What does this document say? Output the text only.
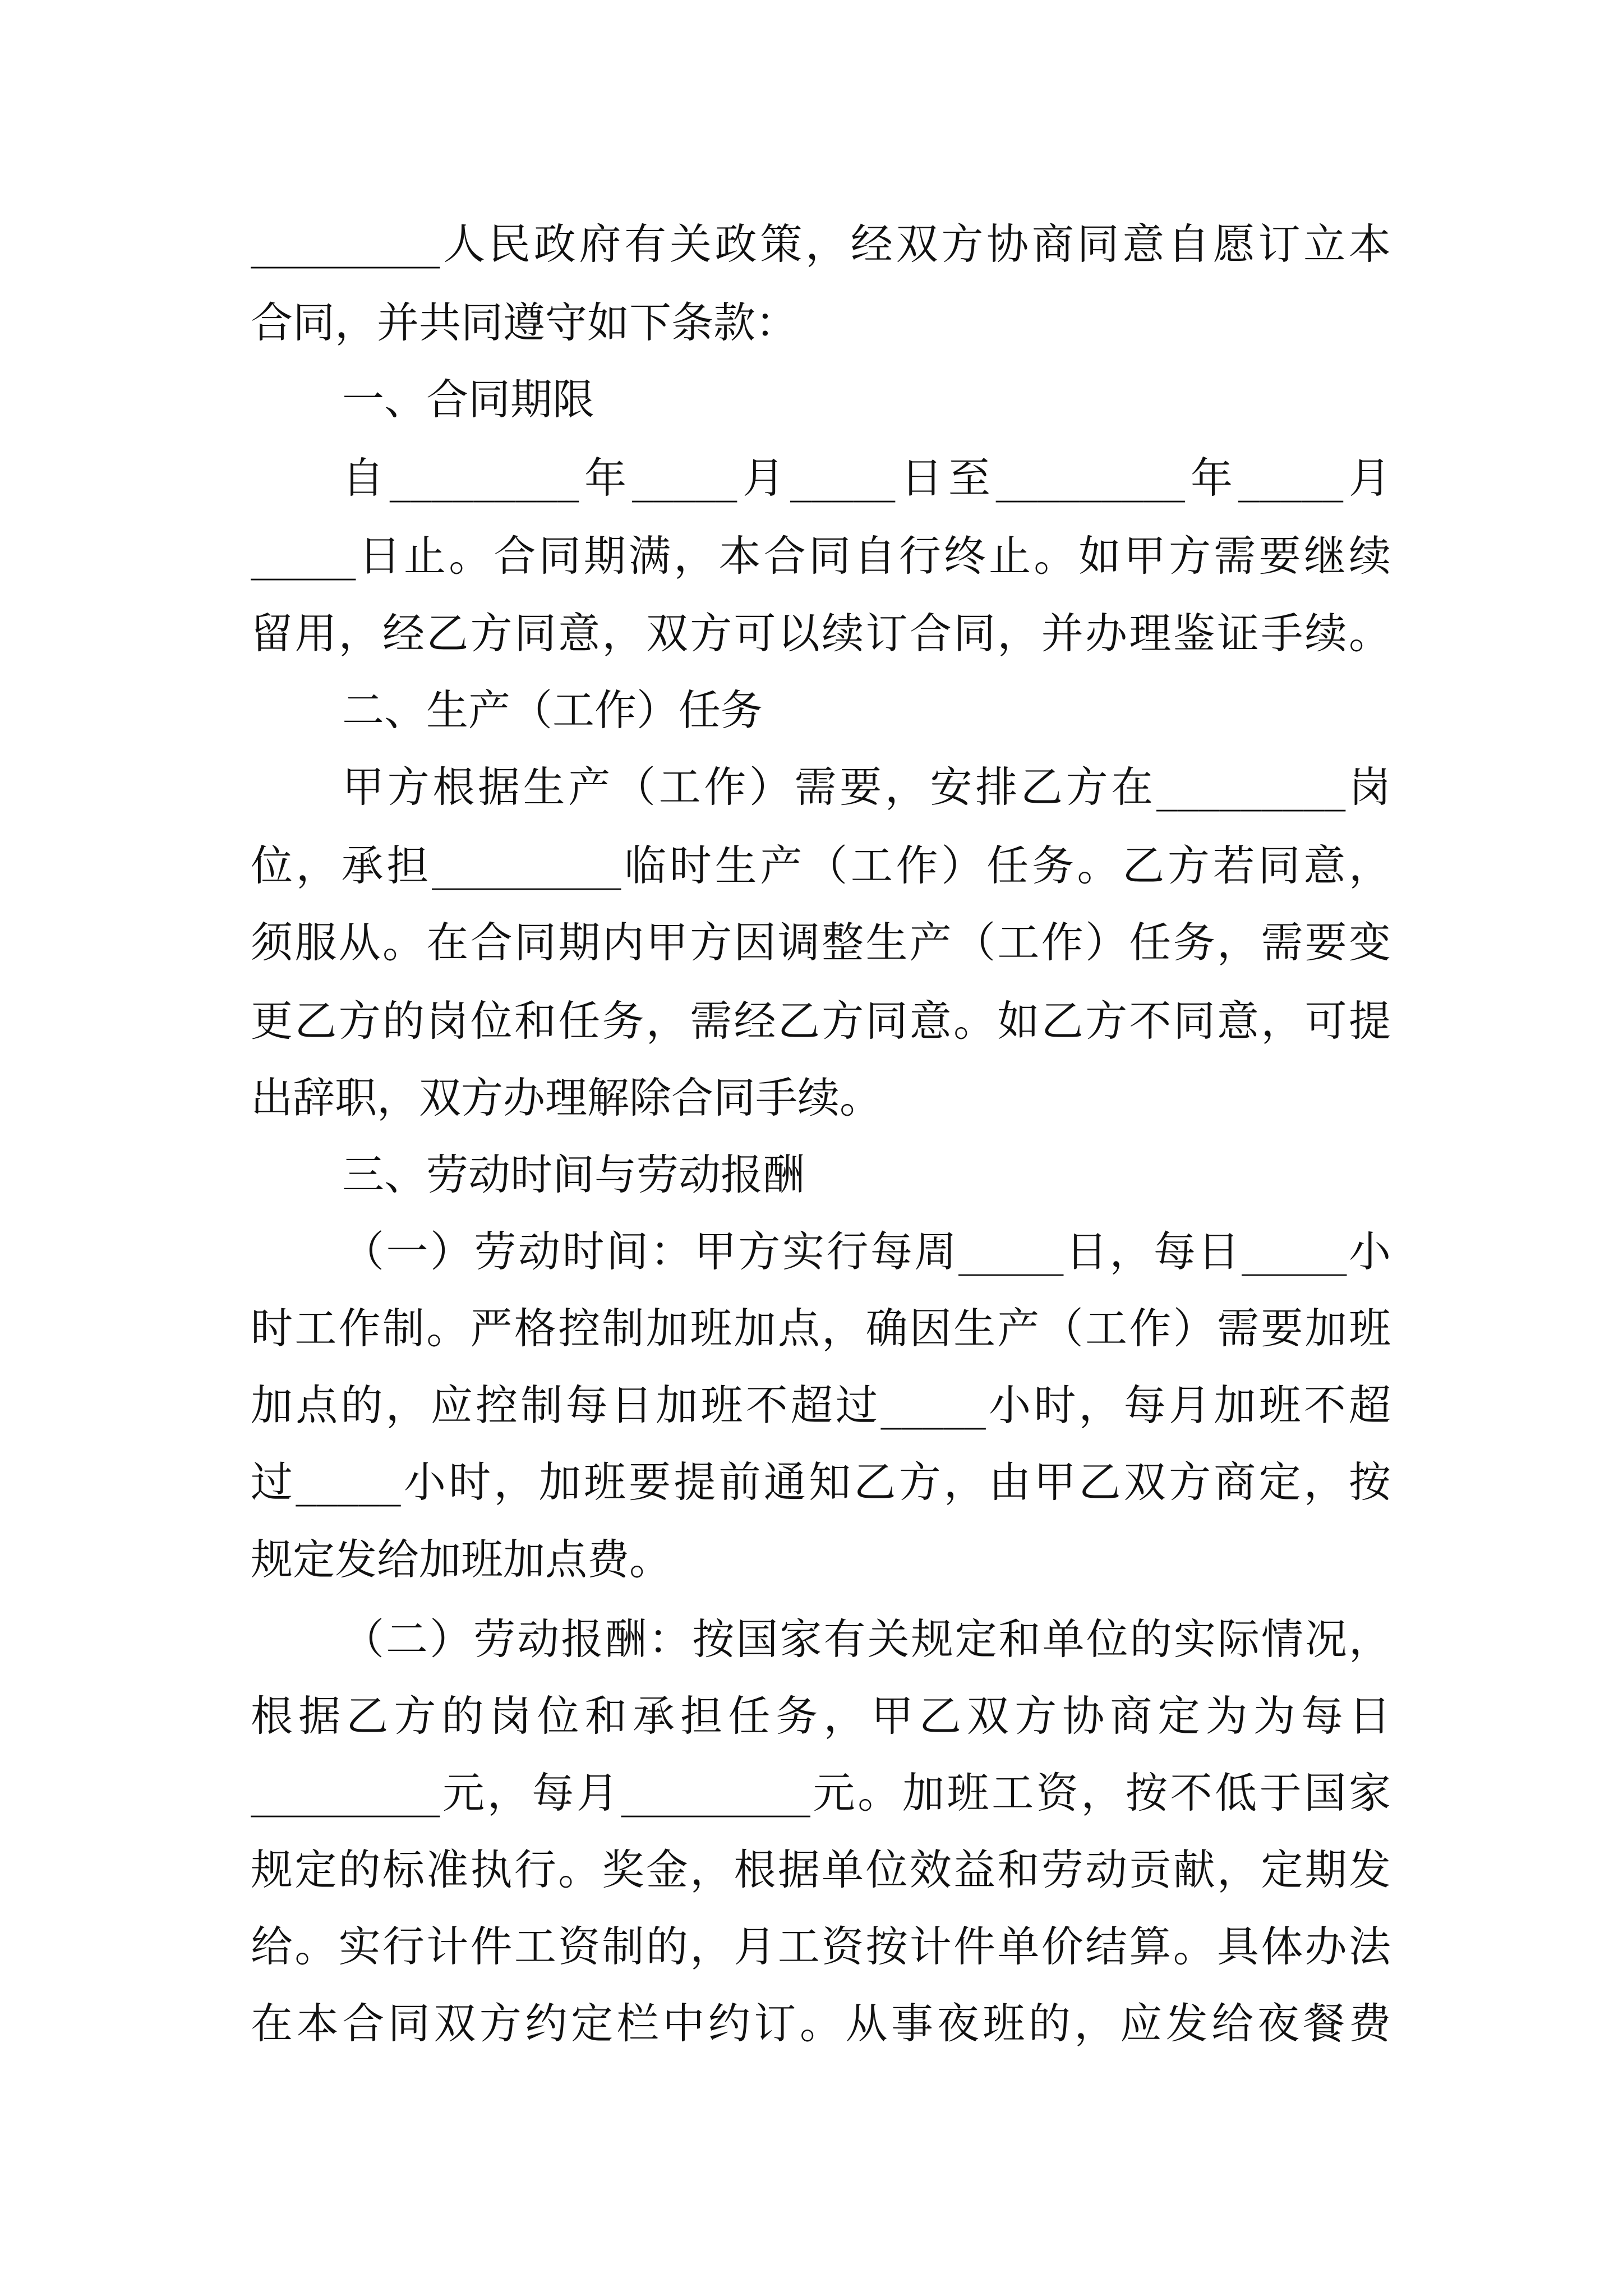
_________人民政府有关政策，经双方协商同意自愿订立本
合同，并共同遵守如下条款：
一、合同期限
自_________年_____月_____日至_________年_____月
_____日止。合同期满，本合同自行终止。如甲方需要继续
留用，经乙方同意，双方可以续订合同，并办理鉴证手续。
二、生产（工作）任务
甲方根据生产（工作）需要，安排乙方在_________岗
位，承担_________临时生产（工作）任务。乙方若同意，
须服从。在合同期内甲方因调整生产（工作）任务，需要变
更乙方的岗位和任务，需经乙方同意。如乙方不同意，可提
出辞职，双方办理解除合同手续。
三、劳动时间与劳动报酬
（一）劳动时间：甲方实行每周_____日，每日_____小
时工作制。严格控制加班加点，确因生产（工作）需要加班
加点的，应控制每日加班不超过_____小时，每月加班不超
过_____小时，加班要提前通知乙方，由甲乙双方商定，按
规定发给加班加点费。
（二）劳动报酬：按国家有关规定和单位的实际情况，
根据乙方的岗位和承担任务，甲乙双方协商定为为每日
_________元，每月_________元。加班工资，按不低于国家
规定的标准执行。奖金，根据单位效益和劳动贡献，定期发
给。实行计件工资制的，月工资按计件单价结算。具体办法
在本合同双方约定栏中约订。从事夜班的，应发给夜餐费
